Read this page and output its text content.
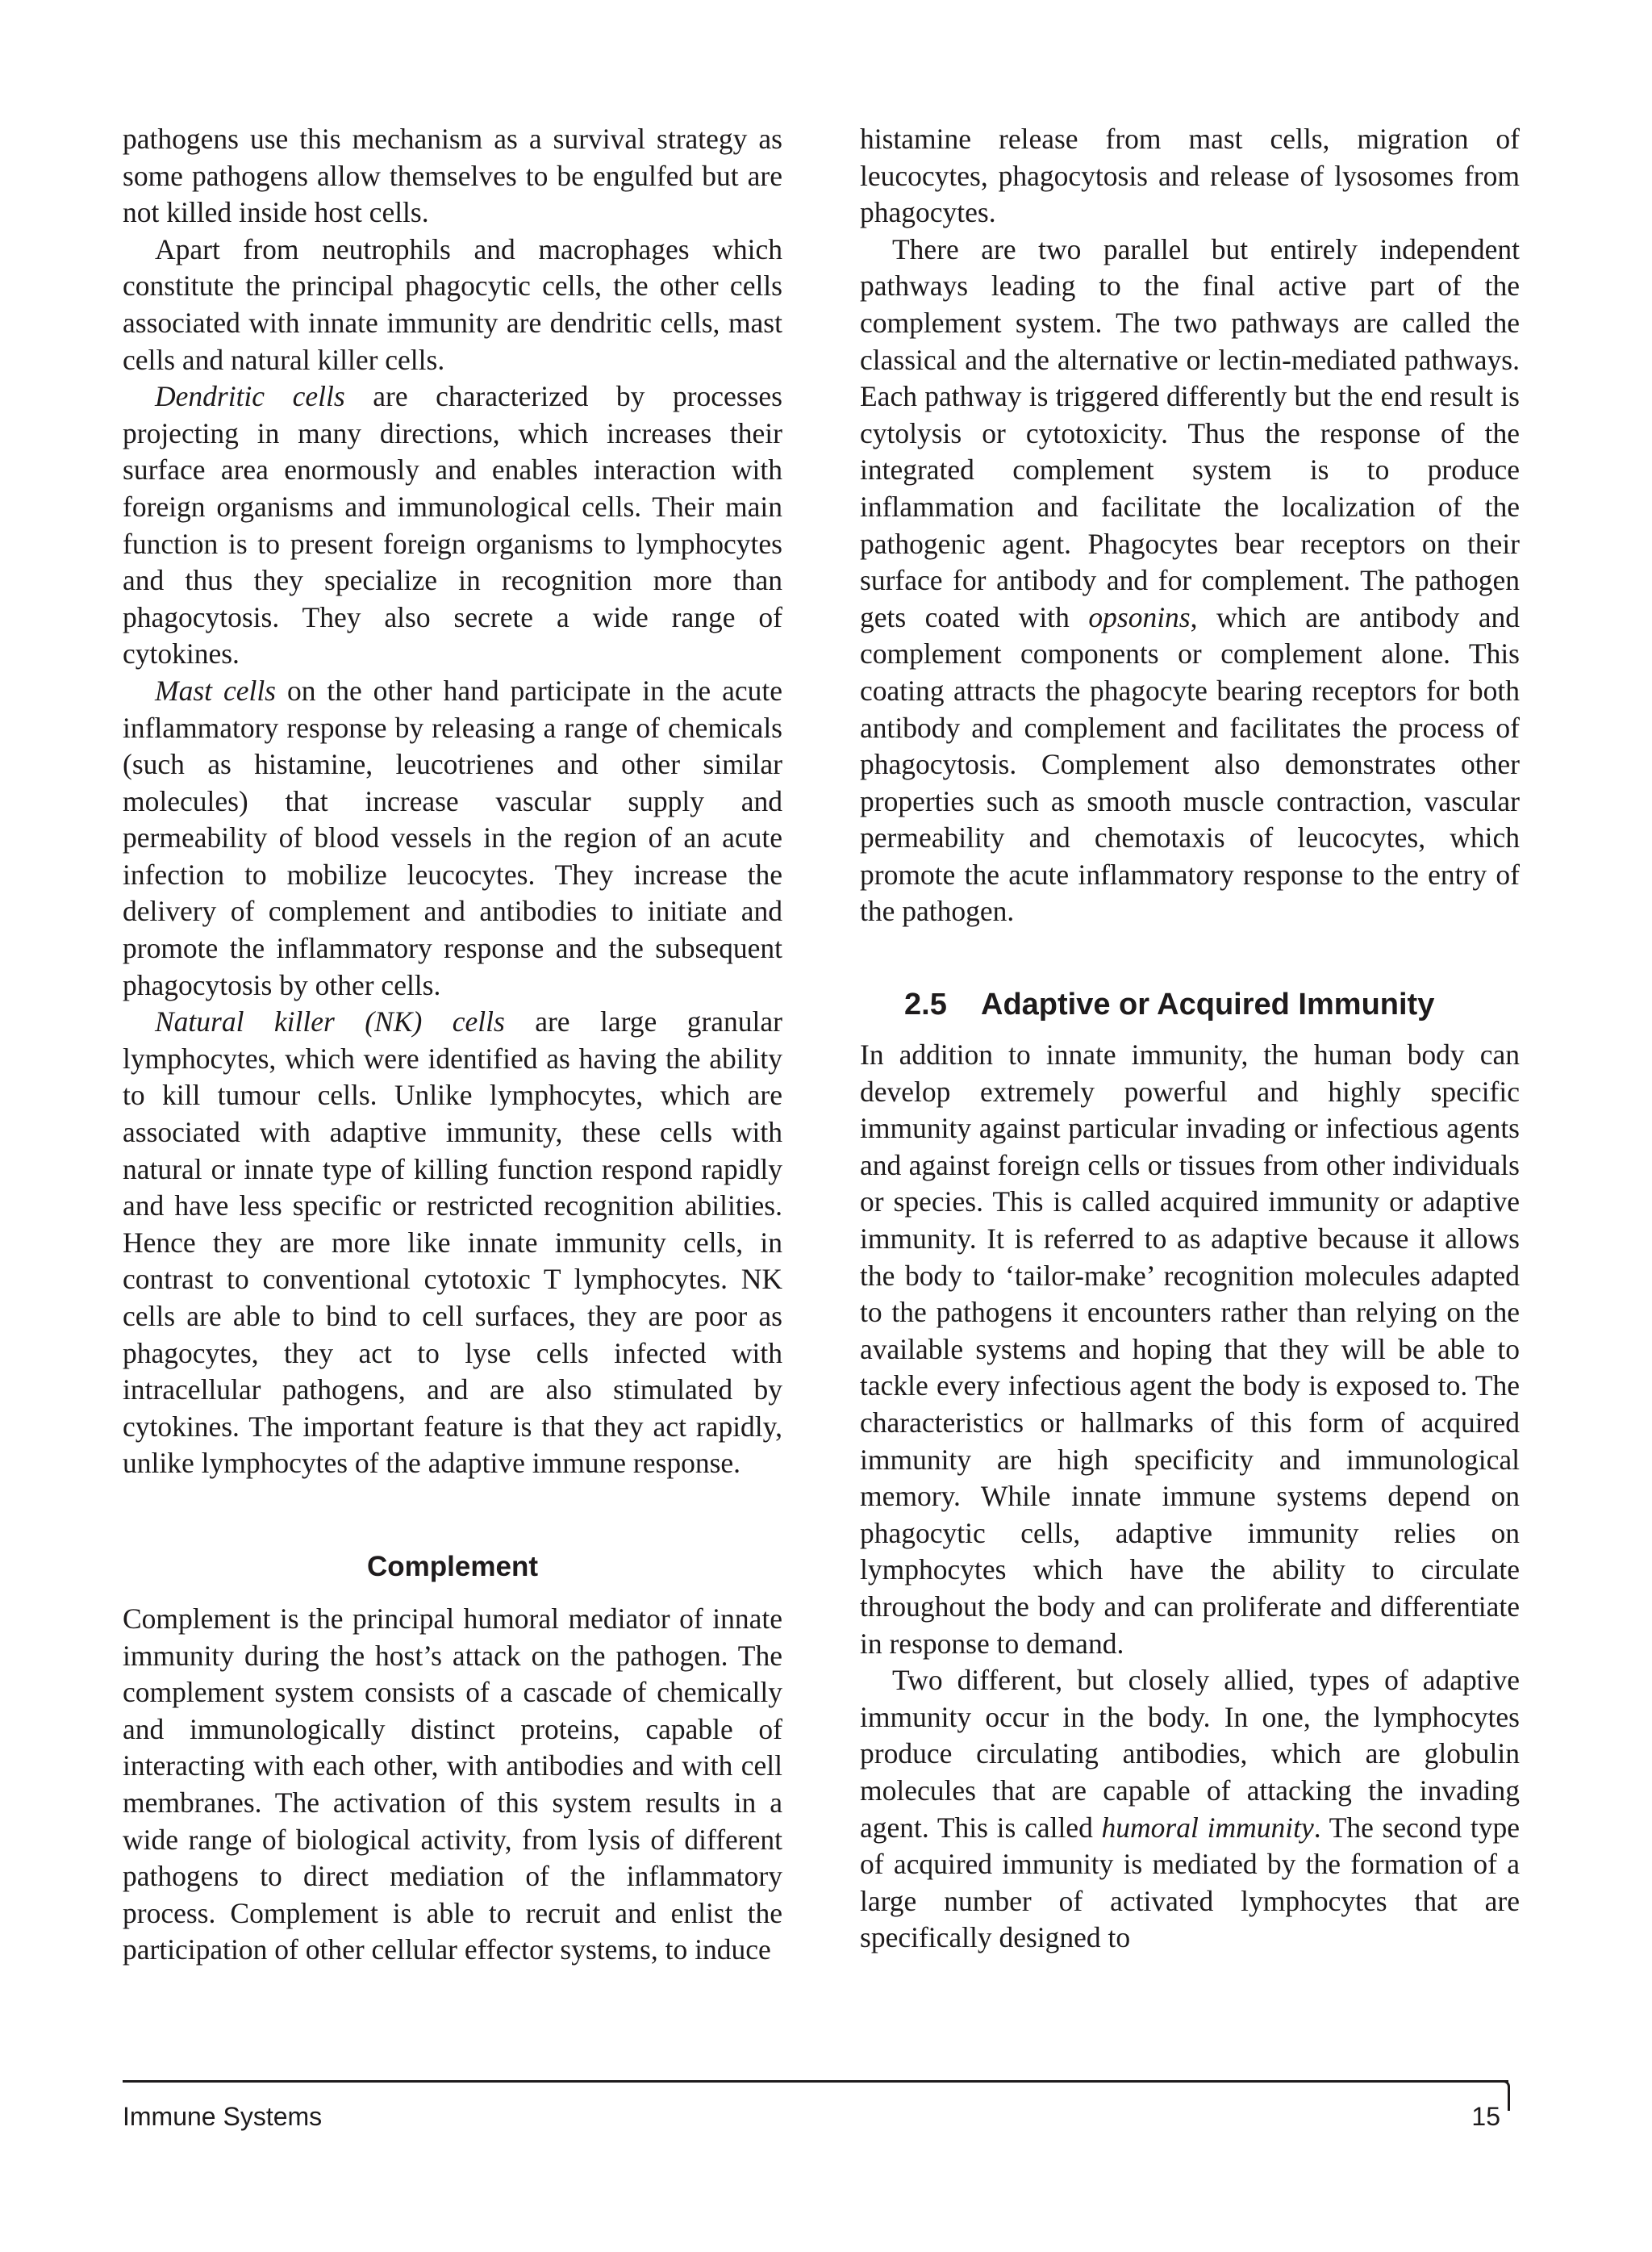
pathogens use this mechanism as a survival strategy as some pathogens allow themselves to be engulfed but are not killed inside host cells.

Apart from neutrophils and macrophages which constitute the principal phagocytic cells, the other cells associated with innate immunity are dendritic cells, mast cells and natural killer cells.

Dendritic cells are characterized by processes projecting in many directions, which increases their surface area enormously and enables interaction with foreign organisms and immunological cells. Their main function is to present foreign organisms to lymphocytes and thus they specialize in recognition more than phagocytosis. They also secrete a wide range of cytokines.

Mast cells on the other hand participate in the acute inflammatory response by releasing a range of chemicals (such as histamine, leucotrienes and other similar molecules) that increase vascular supply and permeability of blood vessels in the region of an acute infection to mobilize leucocytes. They increase the delivery of complement and antibodies to initiate and promote the inflammatory response and the subsequent phagocytosis by other cells.

Natural killer (NK) cells are large granular lymphocytes, which were identified as having the ability to kill tumour cells. Unlike lymphocytes, which are associated with adaptive immunity, these cells with natural or innate type of killing function respond rapidly and have less specific or restricted recognition abilities. Hence they are more like innate immunity cells, in contrast to conventional cytotoxic T lymphocytes. NK cells are able to bind to cell surfaces, they are poor as phagocytes, they act to lyse cells infected with intracellular pathogens, and are also stimulated by cytokines. The important feature is that they act rapidly, unlike lymphocytes of the adaptive immune response.

Complement

Complement is the principal humoral mediator of innate immunity during the host’s attack on the pathogen. The complement system consists of a cascade of chemically and immunologically distinct proteins, capable of interacting with each other, with antibodies and with cell membranes. The activation of this system results in a wide range of biological activity, from lysis of different pathogens to direct mediation of the inflammatory process. Complement is able to recruit and enlist the participation of other cellular effector systems, to induce

histamine release from mast cells, migration of leucocytes, phagocytosis and release of lysosomes from phagocytes.

There are two parallel but entirely independent pathways leading to the final active part of the complement system. The two pathways are called the classical and the alternative or lectin-mediated pathways. Each pathway is triggered differently but the end result is cytolysis or cytotoxicity. Thus the response of the integrated complement system is to produce inflammation and facilitate the localization of the pathogenic agent. Phagocytes bear receptors on their surface for antibody and for complement. The pathogen gets coated with opsonins, which are antibody and complement components or complement alone. This coating attracts the phagocyte bearing receptors for both antibody and complement and facilitates the process of phagocytosis. Complement also demonstrates other properties such as smooth muscle contraction, vascular permeability and chemotaxis of leucocytes, which promote the acute inflammatory response to the entry of the pathogen.

2.5 Adaptive or Acquired Immunity

In addition to innate immunity, the human body can develop extremely powerful and highly specific immunity against particular invading or infectious agents and against foreign cells or tissues from other individuals or species. This is called acquired immunity or adaptive immunity. It is referred to as adaptive because it allows the body to ‘tailor-make’ recognition molecules adapted to the pathogens it encounters rather than relying on the available systems and hoping that they will be able to tackle every infectious agent the body is exposed to. The characteristics or hallmarks of this form of acquired immunity are high specificity and immunological memory. While innate immune systems depend on phagocytic cells, adaptive immunity relies on lymphocytes which have the ability to circulate throughout the body and can proliferate and differentiate in response to demand.

Two different, but closely allied, types of adaptive immunity occur in the body. In one, the lymphocytes produce circulating antibodies, which are globulin molecules that are capable of attacking the invading agent. This is called humoral immunity. The second type of acquired immunity is mediated by the formation of a large number of activated lymphocytes that are specifically designed to

Immune Systems	15
